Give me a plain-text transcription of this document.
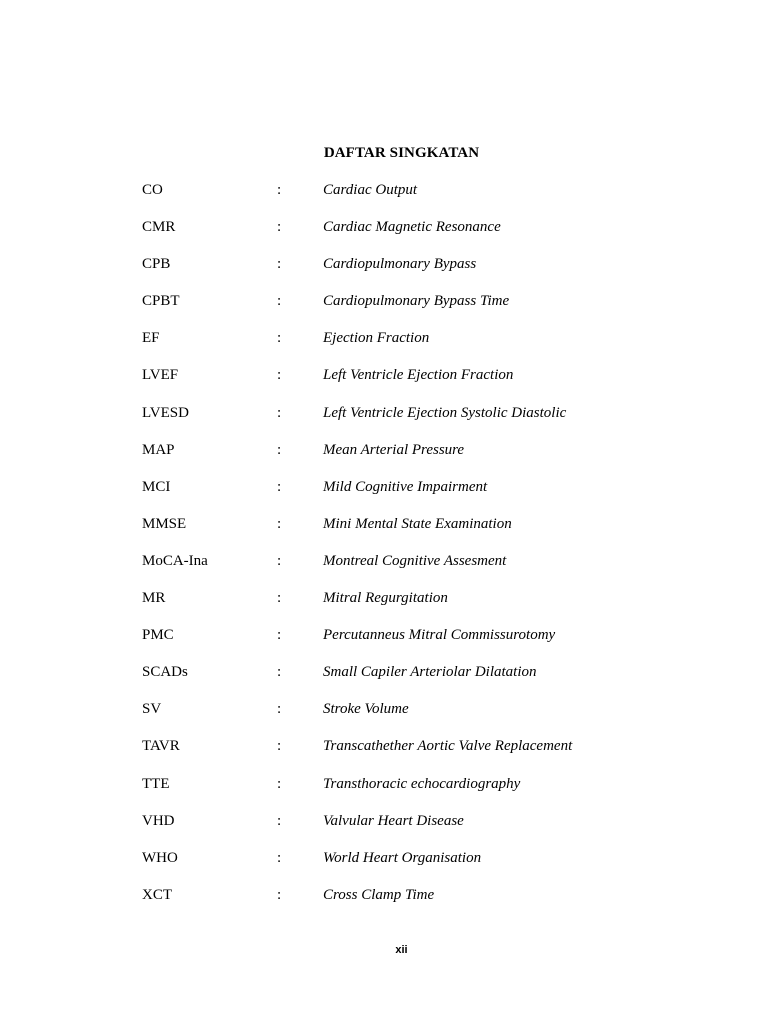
DAFTAR SINGKATAN
CO	:	Cardiac Output
CMR	:	Cardiac Magnetic Resonance
CPB	:	Cardiopulmonary Bypass
CPBT	:	Cardiopulmonary Bypass Time
EF	:	Ejection Fraction
LVEF	:	Left Ventricle Ejection Fraction
LVESD	:	Left Ventricle Ejection Systolic Diastolic
MAP	:	Mean Arterial Pressure
MCI	:	Mild Cognitive Impairment
MMSE	:	Mini Mental State Examination
MoCA-Ina	:	Montreal Cognitive Assesment
MR	:	Mitral Regurgitation
PMC	:	Percutanneus Mitral Commissurotomy
SCADs	:	Small Capiler Arteriolar Dilatation
SV	:	Stroke Volume
TAVR	:	Transcathether Aortic Valve Replacement
TTE	:	Transthoracic echocardiography
VHD	:	Valvular Heart Disease
WHO	:	World Heart Organisation
XCT	:	Cross Clamp Time
xii
